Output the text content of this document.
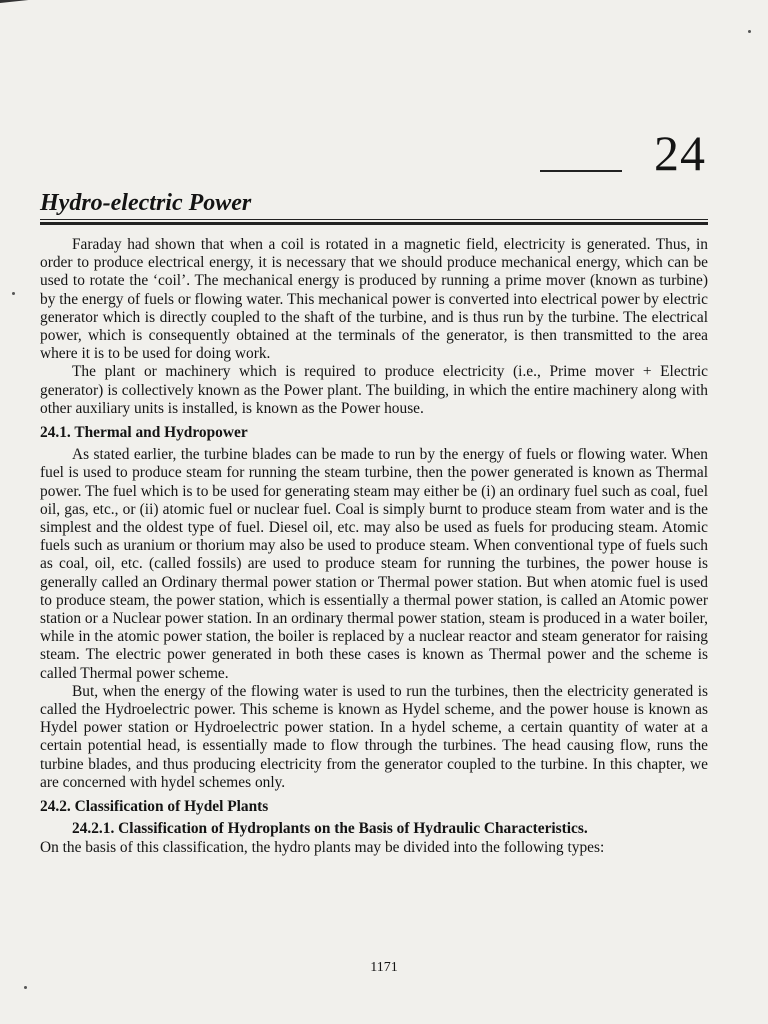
24
Hydro-electric Power

Faraday had shown that when a coil is rotated in a magnetic field, electricity is generated. Thus, in order to produce electrical energy, it is necessary that we should produce mechanical energy, which can be used to rotate the ‘coil’. The mechanical energy is produced by running a prime mover (known as turbine) by the energy of fuels or flowing water. This mechanical power is converted into electrical power by electric generator which is directly coupled to the shaft of the turbine, and is thus run by the turbine. The electrical power, which is consequently obtained at the terminals of the generator, is then transmitted to the area where it is to be used for doing work.

The plant or machinery which is required to produce electricity (i.e., Prime mover + Electric generator) is collectively known as the Power plant. The building, in which the entire machinery along with other auxiliary units is installed, is known as the Power house.

24.1. Thermal and Hydropower

As stated earlier, the turbine blades can be made to run by the energy of fuels or flowing water. When fuel is used to produce steam for running the steam turbine, then the power generated is known as Thermal power. The fuel which is to be used for generating steam may either be (i) an ordinary fuel such as coal, fuel oil, gas, etc., or (ii) atomic fuel or nuclear fuel. Coal is simply burnt to produce steam from water and is the simplest and the oldest type of fuel. Diesel oil, etc. may also be used as fuels for producing steam. Atomic fuels such as uranium or thorium may also be used to produce steam. When conventional type of fuels such as coal, oil, etc. (called fossils) are used to produce steam for running the turbines, the power house is generally called an Ordinary thermal power station or Thermal power station. But when atomic fuel is used to produce steam, the power station, which is essentially a thermal power station, is called an Atomic power station or a Nuclear power station. In an ordinary thermal power station, steam is produced in a water boiler, while in the atomic power station, the boiler is replaced by a nuclear reactor and steam generator for raising steam. The electric power generated in both these cases is known as Thermal power and the scheme is called Thermal power scheme.

But, when the energy of the flowing water is used to run the turbines, then the electricity generated is called the Hydroelectric power. This scheme is known as Hydel scheme, and the power house is known as Hydel power station or Hydroelectric power station. In a hydel scheme, a certain quantity of water at a certain potential head, is essentially made to flow through the turbines. The head causing flow, runs the turbine blades, and thus producing electricity from the generator coupled to the turbine. In this chapter, we are concerned with hydel schemes only.

24.2. Classification of Hydel Plants

24.2.1. Classification of Hydroplants on the Basis of Hydraulic Characteristics.

On the basis of this classification, the hydro plants may be divided into the following types:

1171
